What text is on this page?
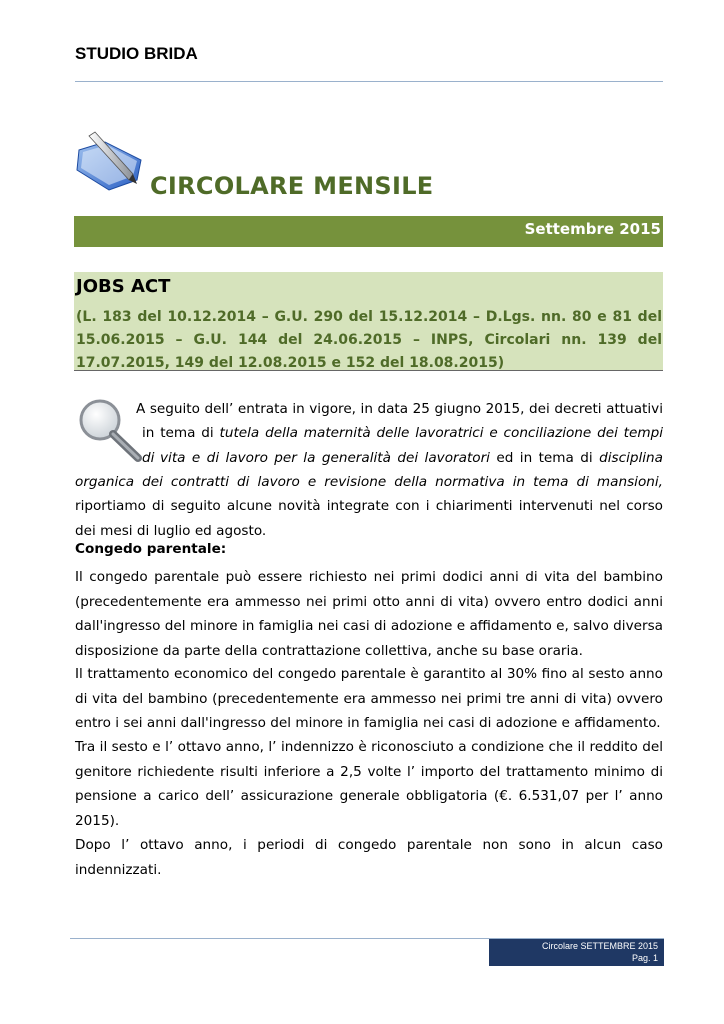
STUDIO BRIDA
CIRCOLARE MENSILE
Settembre 2015
JOBS ACT
(L. 183 del 10.12.2014 – G.U. 290 del 15.12.2014 – D.Lgs. nn. 80 e 81 del 15.06.2015 – G.U. 144 del 24.06.2015 – INPS, Circolari nn. 139 del 17.07.2015, 149 del 12.08.2015 e 152 del 18.08.2015)
A seguito dell’ entrata in vigore, in data 25 giugno 2015, dei decreti attuativi
in tema di tutela della maternità delle lavoratrici e conciliazione dei tempi di vita e di lavoro per la generalità dei lavoratori ed in tema di disciplina
organica dei contratti di lavoro e revisione della normativa in tema di mansioni,
riportiamo di seguito alcune novità integrate con i chiarimenti intervenuti nel corso dei mesi di luglio ed agosto.
Congedo parentale:
Il congedo parentale può essere richiesto nei primi dodici anni di vita del bambino (precedentemente era ammesso nei primi otto anni di vita) ovvero entro dodici anni dall'ingresso del minore in famiglia nei casi di adozione e affidamento e, salvo diversa disposizione da parte della contrattazione collettiva, anche su base oraria.
Il trattamento economico del congedo parentale è garantito al 30% fino al sesto anno di vita del bambino (precedentemente era ammesso nei primi tre anni di vita) ovvero entro i sei anni dall'ingresso del minore in famiglia nei casi di adozione e affidamento.
Tra il sesto e l’ ottavo anno, l’ indennizzo è riconosciuto a condizione che il reddito del genitore richiedente risulti inferiore a 2,5 volte l’ importo del trattamento minimo di pensione a carico dell’ assicurazione generale obbligatoria (€. 6.531,07 per l’ anno 2015).
Dopo l’ ottavo anno, i periodi di congedo parentale non sono in alcun caso indennizzati.
Circolare SETTEMBRE 2015
Pag. 1
